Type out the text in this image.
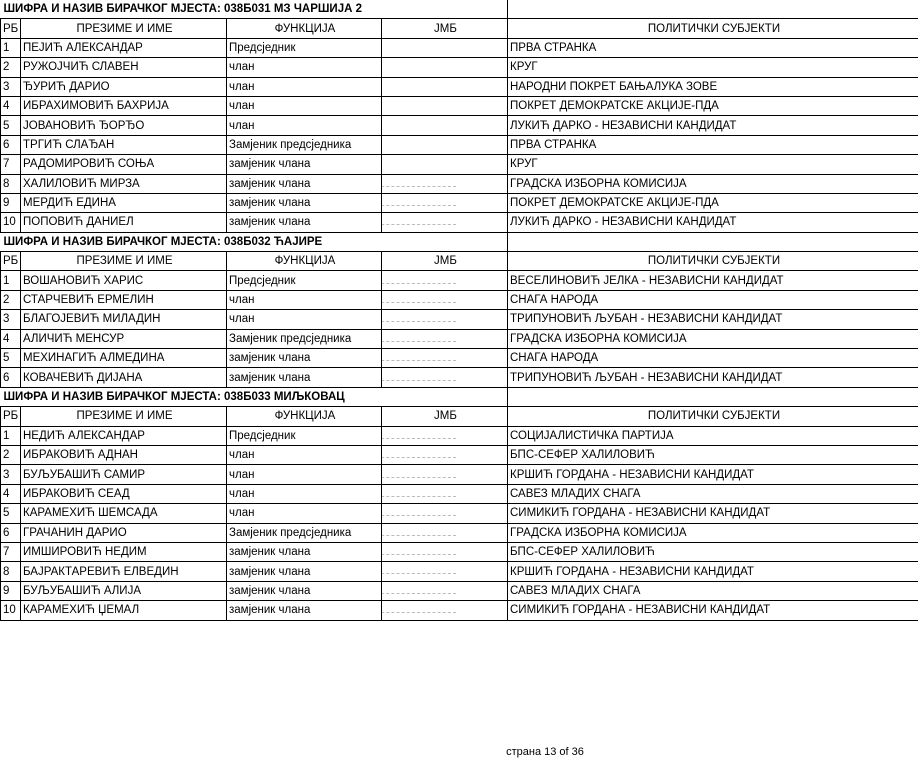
ШИФРА И НАЗИВ БИРАЧКОГ МЈЕСТА: 038Б031 МЗ ЧАРШИЈА 2				
РБ	ПРЕЗИМЕ И ИМЕ	ФУНКЦИЈА	ЈМБ	ПОЛИТИЧКИ СУБЈЕКТИ
1	ПЕЈИЋ АЛЕКСАНДАР	Предсједник		ПРВА СТРАНКА
2	РУЖОЈЧИЋ СЛАВЕН	члан		КРУГ
3	ЂУРИЋ ДАРИО	члан		НАРОДНИ ПОКРЕТ БАЊАЛУКА ЗОВЕ
4	ИБРАХИМОВИЋ БАХРИЈА	члан		ПОКРЕТ ДЕМОКРАТСКЕ АКЦИЈЕ-ПДА
5	ЈОВАНОВИЋ ЂОРЂО	члан		ЛУКИЋ ДАРКО - НЕЗАВИСНИ КАНДИДАТ
6	ТРГИЋ СЛАЂАН	Замјеник предсједника		ПРВА СТРАНКА
7	РАДОМИРОВИЋ СОЊА	замјеник члана		КРУГ
8	ХАЛИЛОВИЋ МИРЗА	замјеник члана		ГРАДСКА ИЗБОРНА КОМИСИЈА
9	МЕРДИЋ ЕДИНА	замјеник члана		ПОКРЕТ ДЕМОКРАТСКЕ АКЦИЈЕ-ПДА
10	ПОПОВИЋ ДАНИЕЛ	замјеник члана		ЛУКИЋ ДАРКО - НЕЗАВИСНИ КАНДИДАТ
ШИФРА И НАЗИВ БИРАЧКОГ МЈЕСТА: 038Б032 ЋАЈИРЕ				
РБ	ПРЕЗИМЕ И ИМЕ	ФУНКЦИЈА	ЈМБ	ПОЛИТИЧКИ СУБЈЕКТИ
1	ВОШАНОВИЋ ХАРИС	Предсједник		ВЕСЕЛИНОВИЋ ЈЕЛКА - НЕЗАВИСНИ КАНДИДАТ
2	СТАРЧЕВИЋ ЕРМЕЛИН	члан		СНАГА НАРОДА
3	БЛАГОЈЕВИЋ МИЛАДИН	члан		ТРИПУНОВИЋ ЉУБАН - НЕЗАВИСНИ КАНДИДАТ
4	АЛИЧИЋ МЕНСУР	Замјеник предсједника		ГРАДСКА ИЗБОРНА КОМИСИЈА
5	МЕХИНАГИЋ АЛМЕДИНА	замјеник члана		СНАГА НАРОДА
6	КОВАЧЕВИЋ ДИЈАНА	замјеник члана		ТРИПУНОВИЋ ЉУБАН - НЕЗАВИСНИ КАНДИДАТ
ШИФРА И НАЗИВ БИРАЧКОГ МЈЕСТА: 038Б033 МИЉКОВАЦ				
РБ	ПРЕЗИМЕ И ИМЕ	ФУНКЦИЈА	ЈМБ	ПОЛИТИЧКИ СУБЈЕКТИ
1	НЕДИЋ АЛЕКСАНДАР	Предсједник		СОЦИЈАЛИСТИЧКА ПАРТИЈА
2	ИБРАКОВИЋ АДНАН	члан		БПС-СЕФЕР ХАЛИЛОВИЋ
3	БУЉУБАШИЋ САМИР	члан		КРШИЋ ГОРДАНА - НЕЗАВИСНИ КАНДИДАТ
4	ИБРАКОВИЋ СЕАД	члан		САВЕЗ МЛАДИХ СНАГА
5	КАРАМЕХИЋ ШЕМСАДА	члан		СИМИКИЋ ГОРДАНА - НЕЗАВИСНИ КАНДИДАТ
6	ГРАЧАНИН ДАРИО	Замјеник предсједника		ГРАДСКА ИЗБОРНА КОМИСИЈА
7	ИМШИРОВИЋ НЕДИМ	замјеник члана		БПС-СЕФЕР ХАЛИЛОВИЋ
8	БАЈРАКТАРЕВИЋ ЕЛВЕДИН	замјеник члана		КРШИЋ ГОРДАНА - НЕЗАВИСНИ КАНДИДАТ
9	БУЉУБАШИЋ АЛИЈА	замјеник члана		САВЕЗ МЛАДИХ СНАГА
10	КАРАМЕХИЋ ЏЕМАЛ	замјеник члана		СИМИКИЋ ГОРДАНА - НЕЗАВИСНИ КАНДИДАТ
страна 13 of 36
